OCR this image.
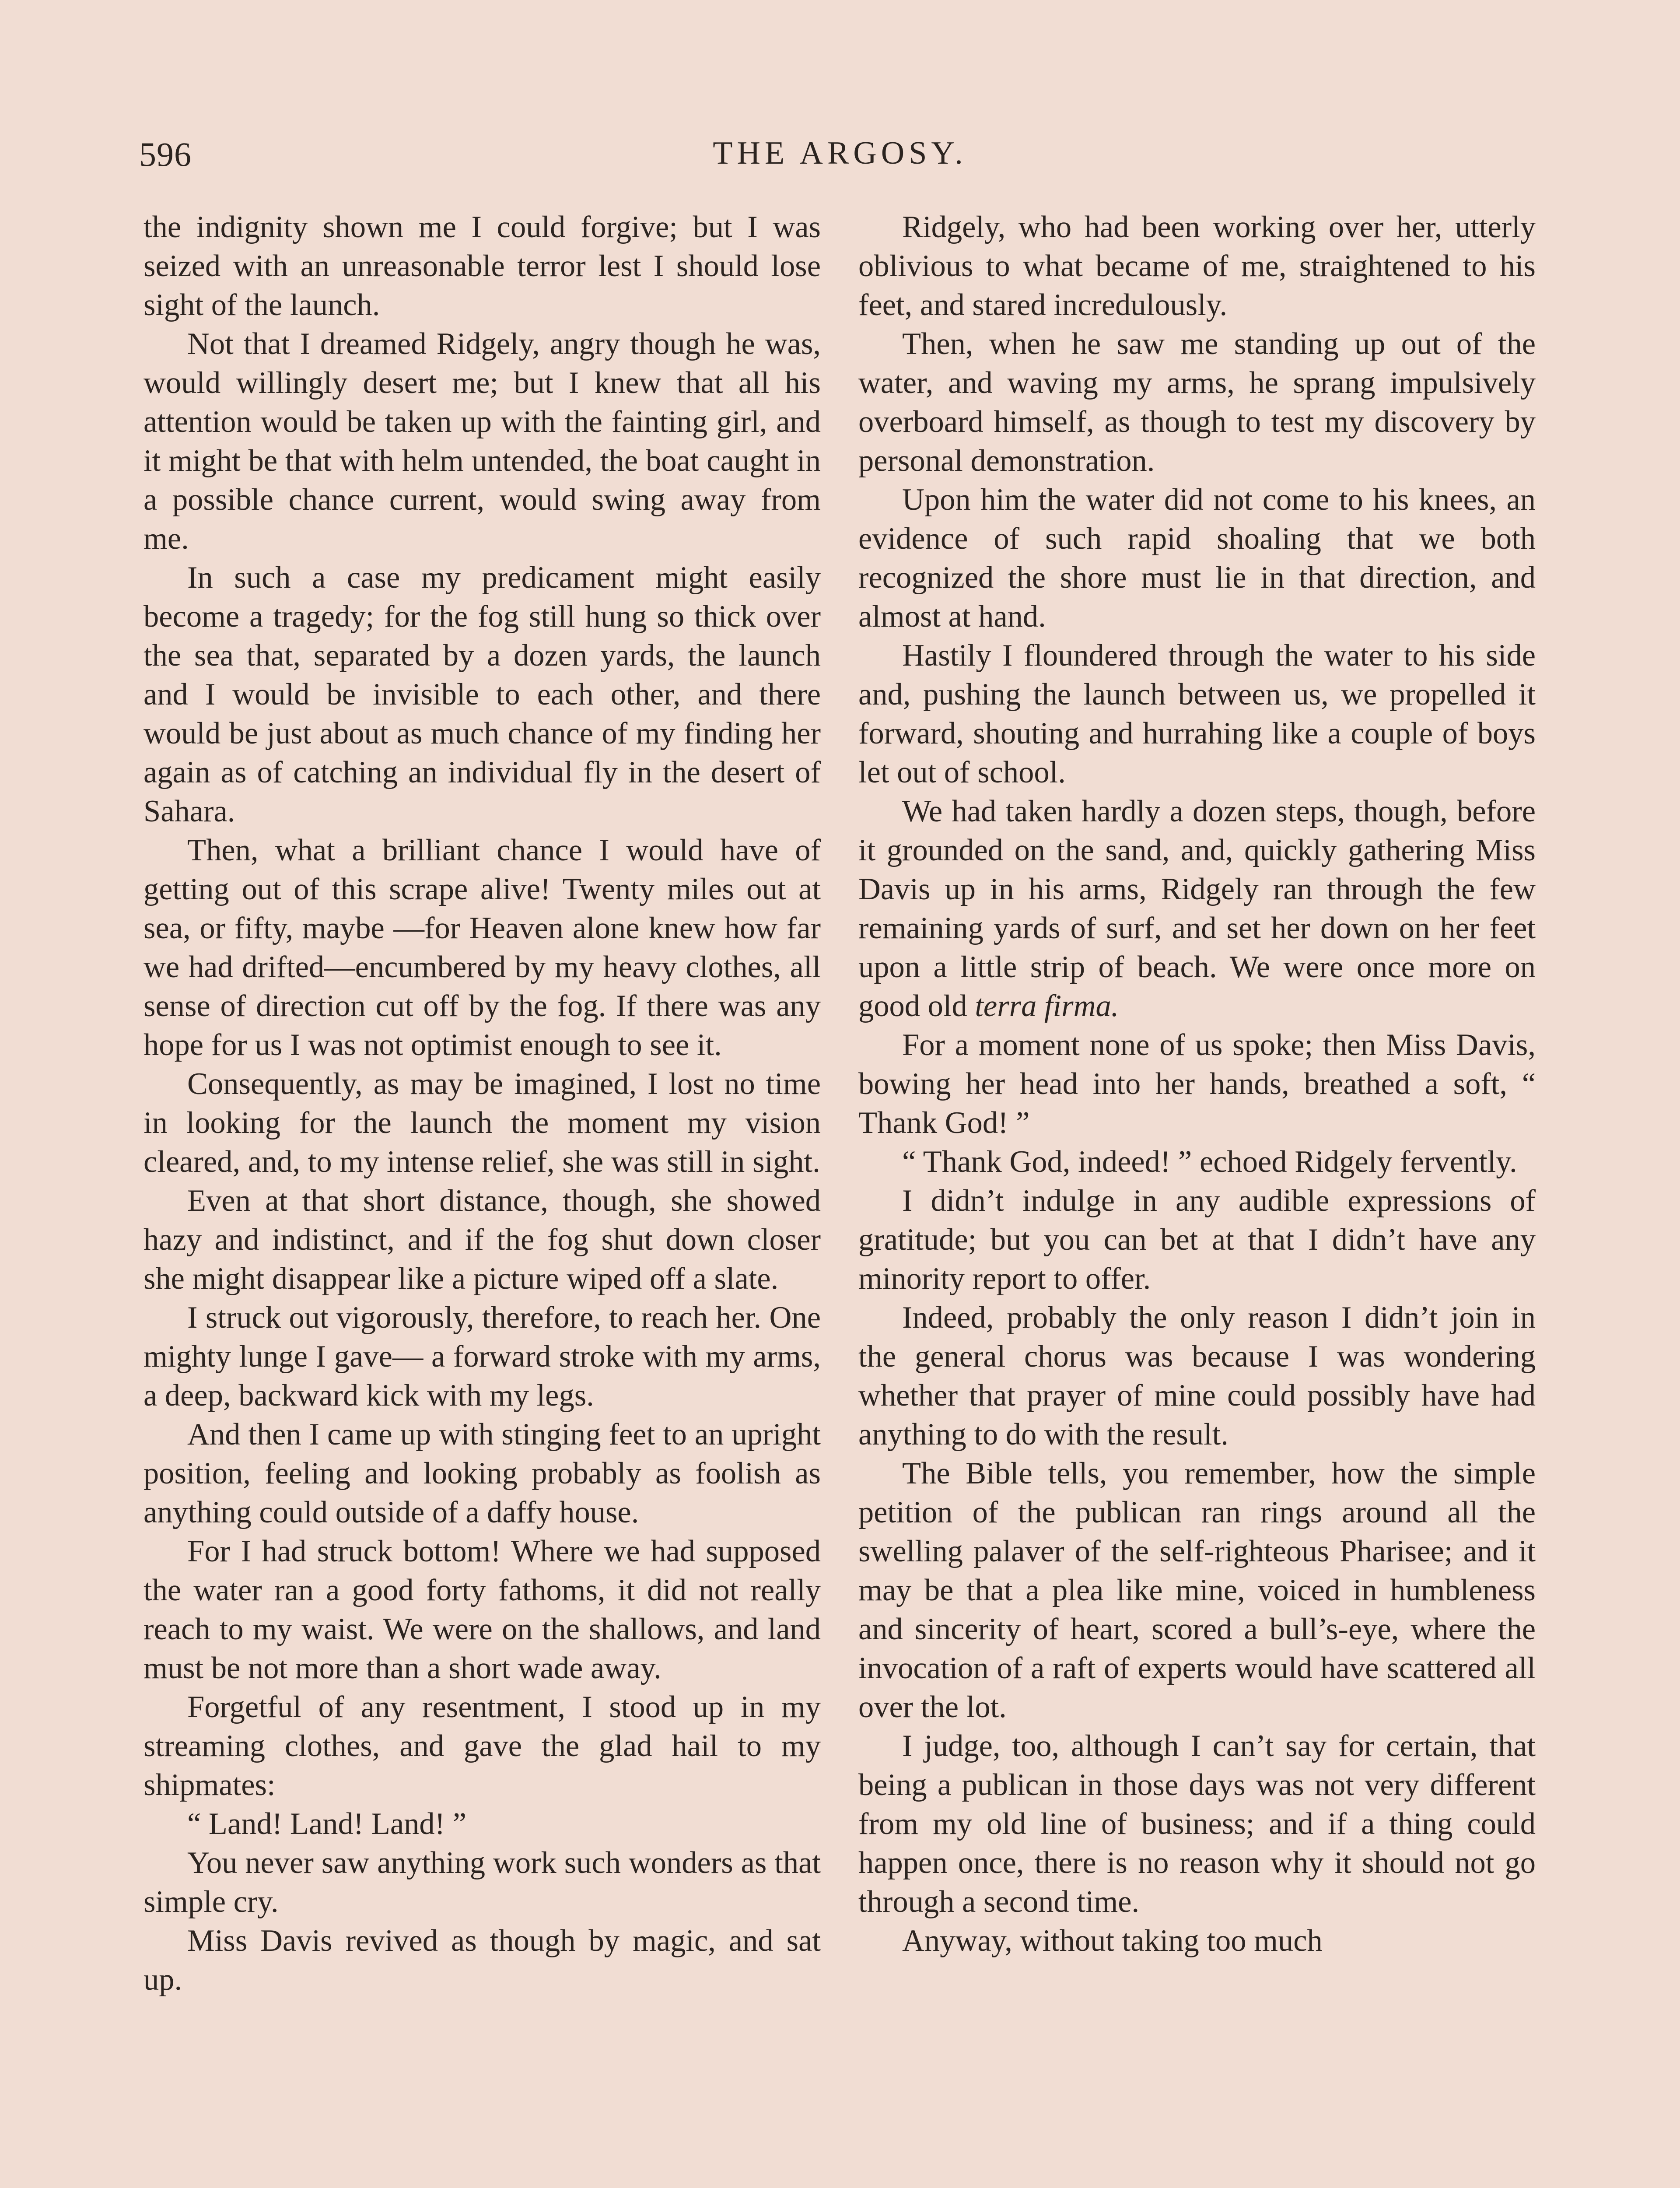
596	THE ARGOSY.

the indignity shown me I could forgive; but I was seized with an unreasonable terror lest I should lose sight of the launch.

Not that I dreamed Ridgely, angry though he was, would willingly desert me; but I knew that all his attention would be taken up with the fainting girl, and it might be that with helm untended, the boat caught in a possible chance current, would swing away from me.

In such a case my predicament might easily become a tragedy; for the fog still hung so thick over the sea that, separated by a dozen yards, the launch and I would be invisible to each other, and there would be just about as much chance of my finding her again as of catching an individual fly in the desert of Sahara.

Then, what a brilliant chance I would have of getting out of this scrape alive! Twenty miles out at sea, or fifty, maybe —for Heaven alone knew how far we had drifted—encumbered by my heavy clothes, all sense of direction cut off by the fog. If there was any hope for us I was not optimist enough to see it.

Consequently, as may be imagined, I lost no time in looking for the launch the moment my vision cleared, and, to my intense relief, she was still in sight.

Even at that short distance, though, she showed hazy and indistinct, and if the fog shut down closer she might disappear like a picture wiped off a slate.

I struck out vigorously, therefore, to reach her. One mighty lunge I gave— a forward stroke with my arms, a deep, backward kick with my legs.

And then I came up with stinging feet to an upright position, feeling and looking probably as foolish as anything could outside of a daffy house.

For I had struck bottom! Where we had supposed the water ran a good forty fathoms, it did not really reach to my waist. We were on the shallows, and land must be not more than a short wade away.

Forgetful of any resentment, I stood up in my streaming clothes, and gave the glad hail to my shipmates:

“ Land! Land! Land! ”

You never saw anything work such wonders as that simple cry.

Miss Davis revived as though by magic, and sat up.

Ridgely, who had been working over her, utterly oblivious to what became of me, straightened to his feet, and stared incredulously.

Then, when he saw me standing up out of the water, and waving my arms, he sprang impulsively overboard himself, as though to test my discovery by personal demonstration.

Upon him the water did not come to his knees, an evidence of such rapid shoaling that we both recognized the shore must lie in that direction, and almost at hand.

Hastily I floundered through the water to his side and, pushing the launch between us, we propelled it forward, shouting and hurrahing like a couple of boys let out of school.

We had taken hardly a dozen steps, though, before it grounded on the sand, and, quickly gathering Miss Davis up in his arms, Ridgely ran through the few remaining yards of surf, and set her down on her feet upon a little strip of beach. We were once more on good old terra firma.

For a moment none of us spoke; then Miss Davis, bowing her head into her hands, breathed a soft, “ Thank God! ”

“ Thank God, indeed! ” echoed Ridgely fervently.

I didn’t indulge in any audible expressions of gratitude; but you can bet at that I didn’t have any minority report to offer.

Indeed, probably the only reason I didn’t join in the general chorus was because I was wondering whether that prayer of mine could possibly have had anything to do with the result.

The Bible tells, you remember, how the simple petition of the publican ran rings around all the swelling palaver of the self-righteous Pharisee; and it may be that a plea like mine, voiced in humbleness and sincerity of heart, scored a bull’s-eye, where the invocation of a raft of experts would have scattered all over the lot.

I judge, too, although I can’t say for certain, that being a publican in those days was not very different from my old line of business; and if a thing could happen once, there is no reason why it should not go through a second time.

Anyway, without taking too much
